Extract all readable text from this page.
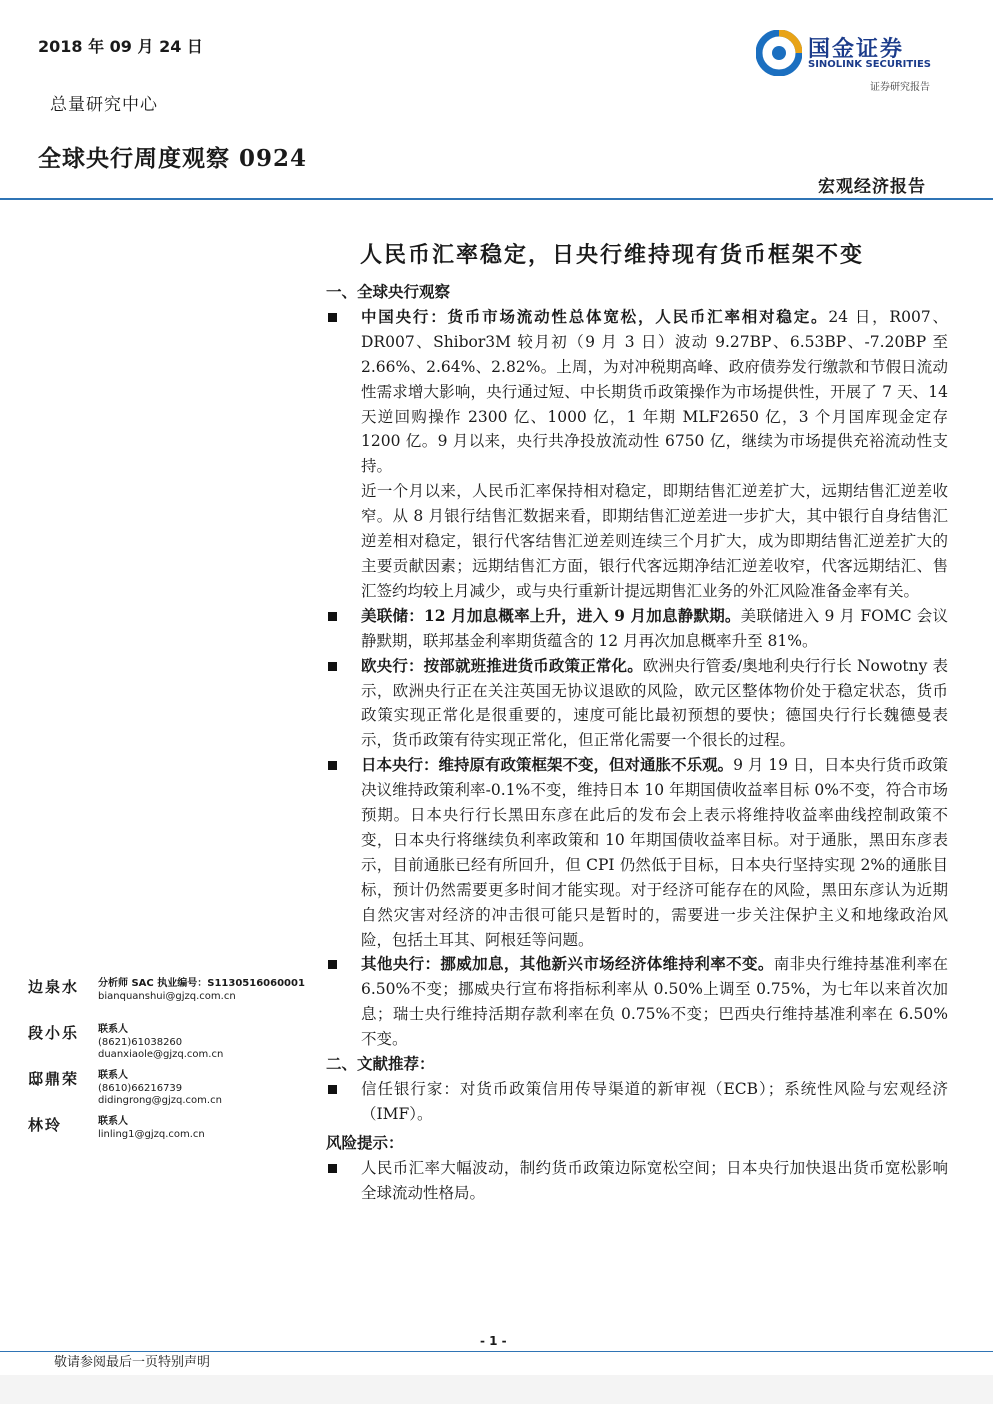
2018 年 09 月 24 日
总量研究中心
全球央行周度观察 0924
国金证券
SINOLINK SECURITIES
证券研究报告
宏观经济报告
人民币汇率稳定，日央行维持现有货币框架不变

一、全球央行观察

中国央行：货币市场流动性总体宽松，人民币汇率相对稳定。24 日，R007、DR007、Shibor3M 较月初（9 月 3 日）波动 9.27BP、6.53BP、-7.20BP 至 2.66%、2.64%、2.82%。上周，为对冲税期高峰、政府债券发行缴款和节假日流动性需求增大影响，央行通过短、中长期货币政策操作为市场提供性，开展了 7 天、14 天逆回购操作 2300 亿、1000 亿，1 年期 MLF2650 亿，3 个月国库现金定存 1200 亿。9 月以来，央行共净投放流动性 6750 亿，继续为市场提供充裕流动性支持。

近一个月以来，人民币汇率保持相对稳定，即期结售汇逆差扩大，远期结售汇逆差收窄。从 8 月银行结售汇数据来看，即期结售汇逆差进一步扩大，其中银行自身结售汇逆差相对稳定，银行代客结售汇逆差则连续三个月扩大，成为即期结售汇逆差扩大的主要贡献因素；远期结售汇方面，银行代客远期净结汇逆差收窄，代客远期结汇、售汇签约均较上月减少，或与央行重新计提远期售汇业务的外汇风险准备金率有关。

美联储：12 月加息概率上升，进入 9 月加息静默期。美联储进入 9 月 FOMC 会议静默期，联邦基金利率期货蕴含的 12 月再次加息概率升至 81%。

欧央行：按部就班推进货币政策正常化。欧洲央行管委/奥地利央行行长 Nowotny 表示，欧洲央行正在关注英国无协议退欧的风险，欧元区整体物价处于稳定状态，货币政策实现正常化是很重要的，速度可能比最初预想的要快；德国央行行长魏德曼表示，货币政策有待实现正常化，但正常化需要一个很长的过程。

日本央行：维持原有政策框架不变，但对通胀不乐观。9 月 19 日，日本央行货币政策决议维持政策利率-0.1%不变，维持日本 10 年期国债收益率目标 0%不变，符合市场预期。日本央行行长黑田东彦在此后的发布会上表示将维持收益率曲线控制政策不变，日本央行将继续负利率政策和 10 年期国债收益率目标。对于通胀，黑田东彦表示，目前通胀已经有所回升，但 CPI 仍然低于目标，日本央行坚持实现 2%的通胀目标，预计仍然需要更多时间才能实现。对于经济可能存在的风险，黑田东彦认为近期自然灾害对经济的冲击很可能只是暂时的，需要进一步关注保护主义和地缘政治风险，包括土耳其、阿根廷等问题。

其他央行：挪威加息，其他新兴市场经济体维持利率不变。南非央行维持基准利率在 6.50%不变；挪威央行宣布将指标利率从 0.50%上调至 0.75%，为七年以来首次加息；瑞士央行维持活期存款利率在负 0.75%不变；巴西央行维持基准利率在 6.50%不变。

二、文献推荐：

信任银行家：对货币政策信用传导渠道的新审视（ECB）；系统性风险与宏观经济（IMF）。

风险提示：

人民币汇率大幅波动，制约货币政策边际宽松空间；日本央行加快退出货币宽松影响全球流动性格局。

边泉水 分析师 SAC 执业编号：S1130516060001
bianquanshui@gjzq.com.cn
段小乐 联系人
(8621)61038260
duanxiaole@gjzq.com.cn
邸鼎荣 联系人
(8610)66216739
didingrong@gjzq.com.cn
林玲	联系人
linling1@gjzq.com.cn
- 1 -
敬请参阅最后一页特别声明
